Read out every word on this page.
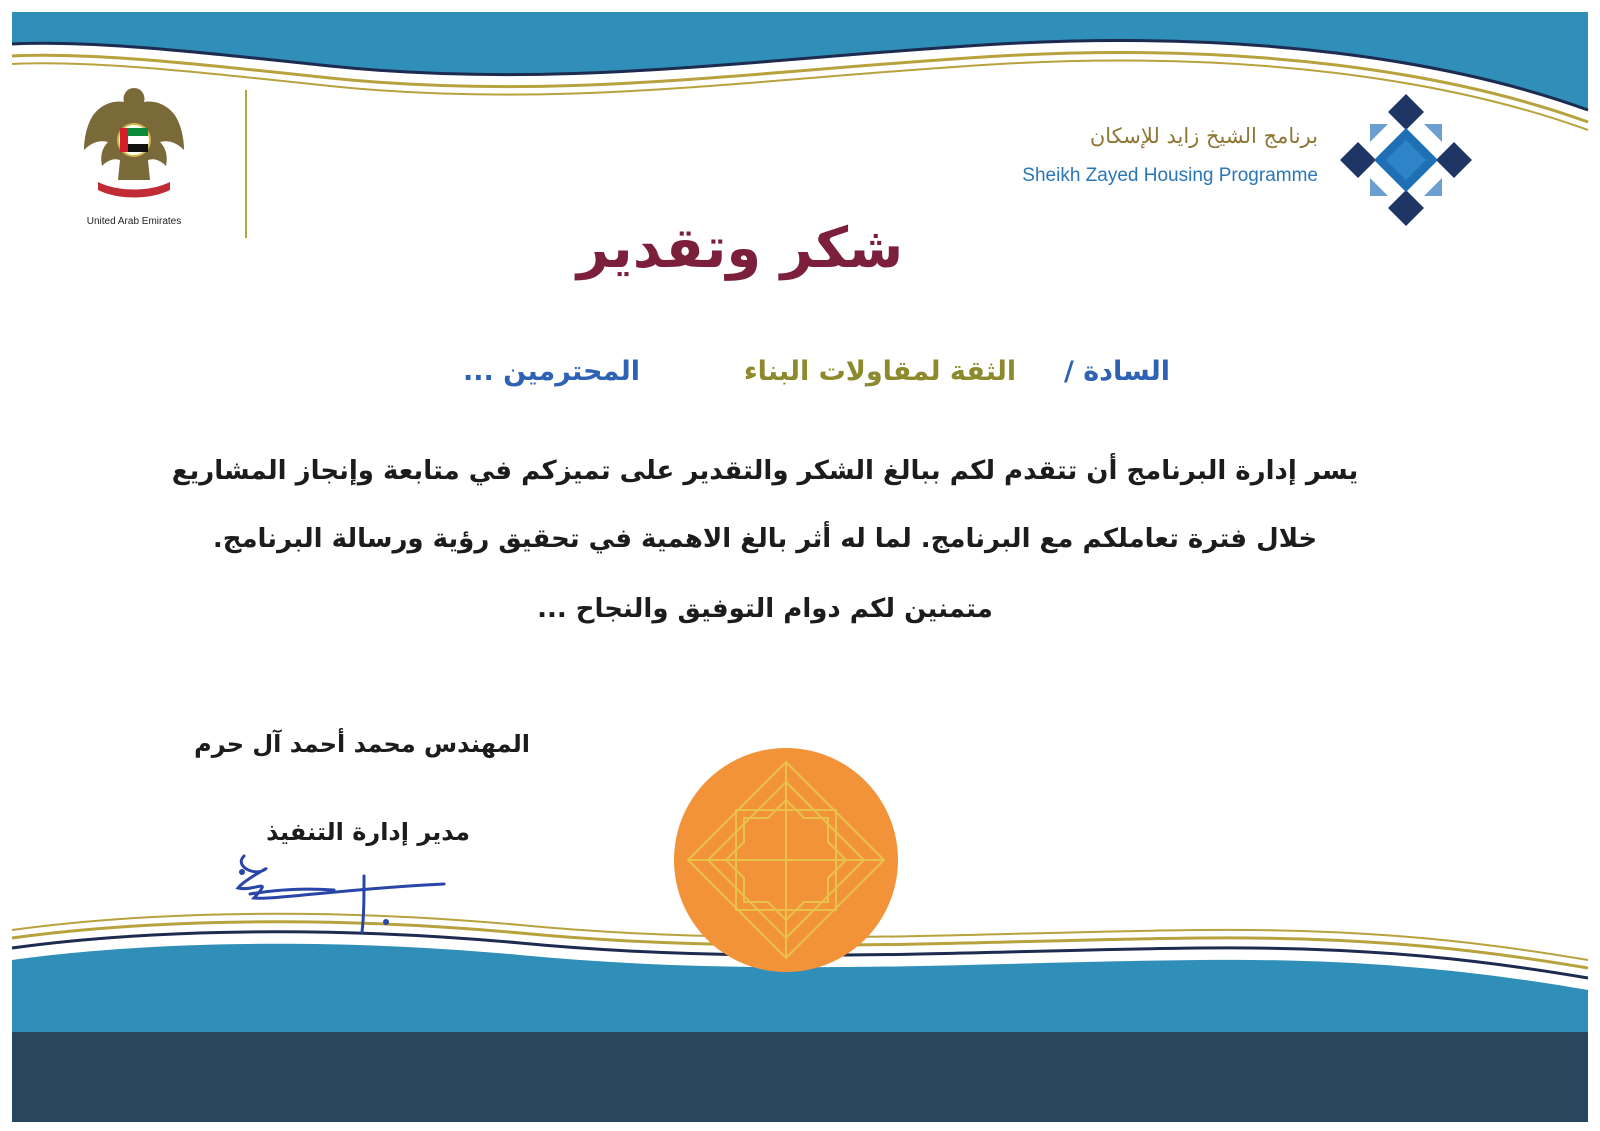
United Arab Emirates
برنامج الشيخ زايد للإسكان
Sheikh Zayed Housing Programme
شكر وتقدير
السادة /
الثقة لمقاولات البناء
المحترمين ...
يسر إدارة البرنامج أن تتقدم لكم ببالغ الشكر والتقدير على تميزكم في متابعة وإنجاز المشاريع
خلال فترة تعاملكم مع البرنامج. لما له أثر بالغ الاهمية في تحقيق رؤية ورسالة البرنامج.
متمنين لكم دوام التوفيق والنجاح ...
المهندس محمد أحمد آل حرم
مدير إدارة التنفيذ
